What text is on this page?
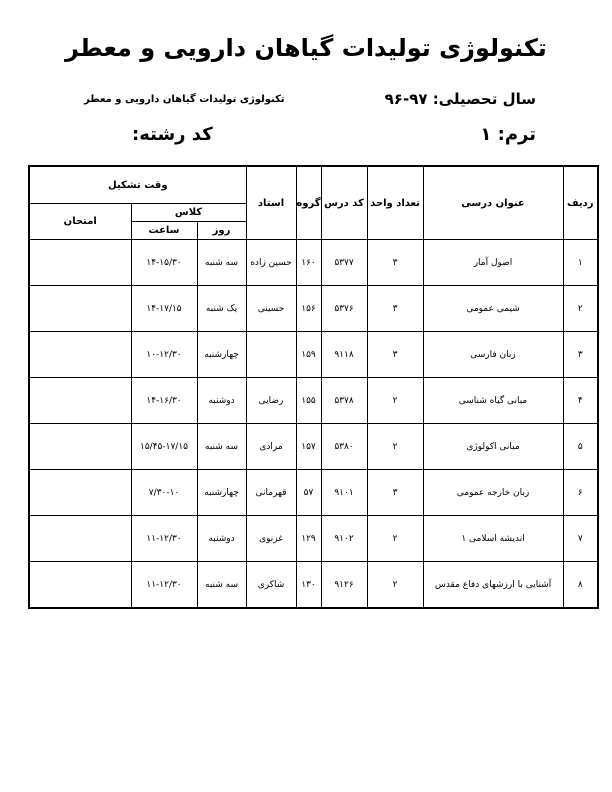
تکنولوژی تولیدات گیاهان دارویی و معطر
سال تحصیلی: ۹۷-۹۶
تکنولوژی تولیدات گیاهان دارویی و معطر
ترم: ۱
کد رشته:
ردیف	عنوان درسی	تعداد واحد	کد درس	گروه	استاد	وقت تشکیل		
						کلاس		امتحان
						روز	ساعت	
۱	اصول آمار	۳	۵۳۷۷	۱۶۰	حسین زاده	سه شنبه	۱۴-۱۵/۳۰	
۲	شیمی عمومی	۳	۵۳۷۶	۱۵۶	حسینی	یک شنبه	۱۴-۱۷/۱۵	
۳	زبان فارسی	۳	۹۱۱۸	۱۵۹		چهارشنبه	۱۰-۱۲/۳۰	
۴	مبانی گیاه شناسی	۲	۵۳۷۸	۱۵۵	رضایی	دوشنبه	۱۴-۱۶/۳۰	
۵	مبانی اکولوژی	۲	۵۳۸۰	۱۵۷	مرادی	سه شنبه	۱۵/۴۵-۱۷/۱۵	
۶	زبان خارجه عمومی	۳	۹۱۰۱	۵۷	قهرمانی	چهارشنبه	۷/۳۰-۱۰	
۷	اندیشه اسلامی ۱	۲	۹۱۰۲	۱۲۹	غزنوی	دوشنبه	۱۱-۱۲/۳۰	
۸	آشنایی با ارزشهای دفاع مقدس	۲	۹۱۲۶	۱۳۰	شاکری	سه شنبه	۱۱-۱۲/۳۰	
